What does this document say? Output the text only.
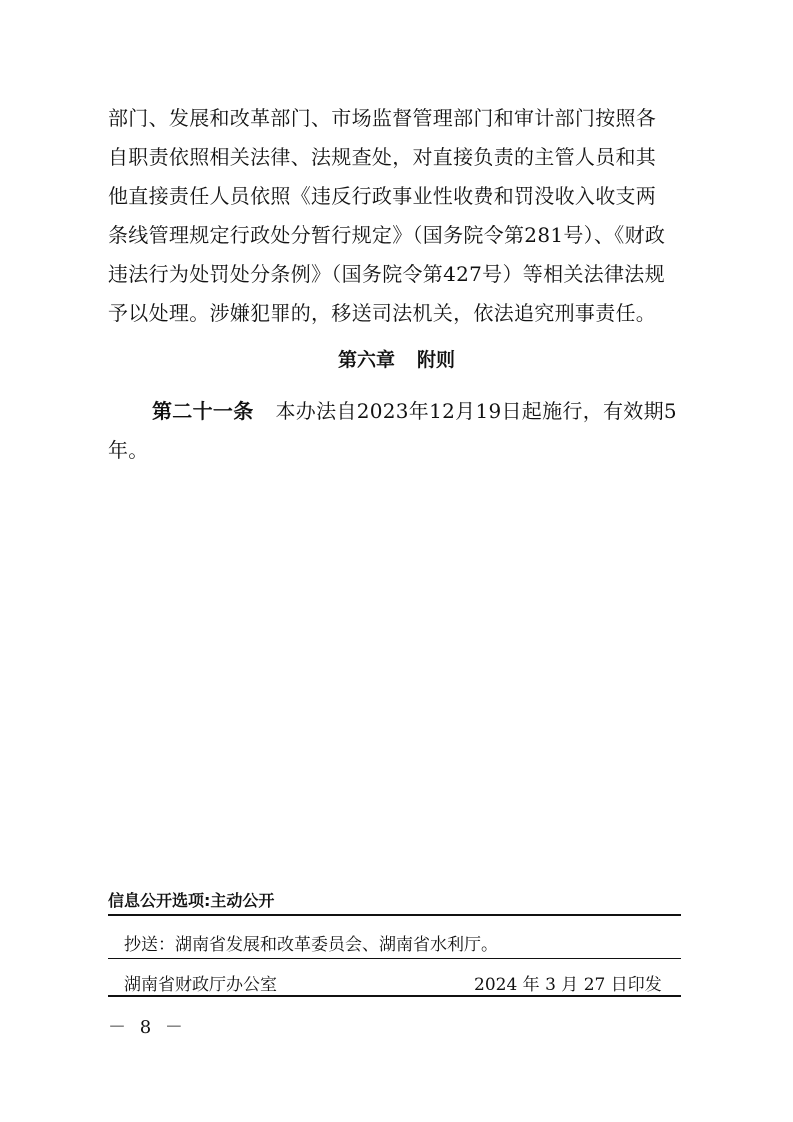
部门、发展和改革部门、市场监督管理部门和审计部门按照各
自职责依照相关法律、法规查处，对直接负责的主管人员和其
他直接责任人员依照《违反行政事业性收费和罚没收入收支两
条线管理规定行政处分暂行规定》（国务院令第281号）、《财政
违法行为处罚处分条例》（国务院令第427号）等相关法律法规
予以处理。涉嫌犯罪的，移送司法机关，依法追究刑事责任。
第六章 附则
第二十一条 本办法自2023年12月19日起施行，有效期5
年。
信息公开选项:主动公开
抄送：湖南省发展和改革委员会、湖南省水利厅。
湖南省财政厅办公室	2024 年 3 月 27 日印发
－ 8 －
